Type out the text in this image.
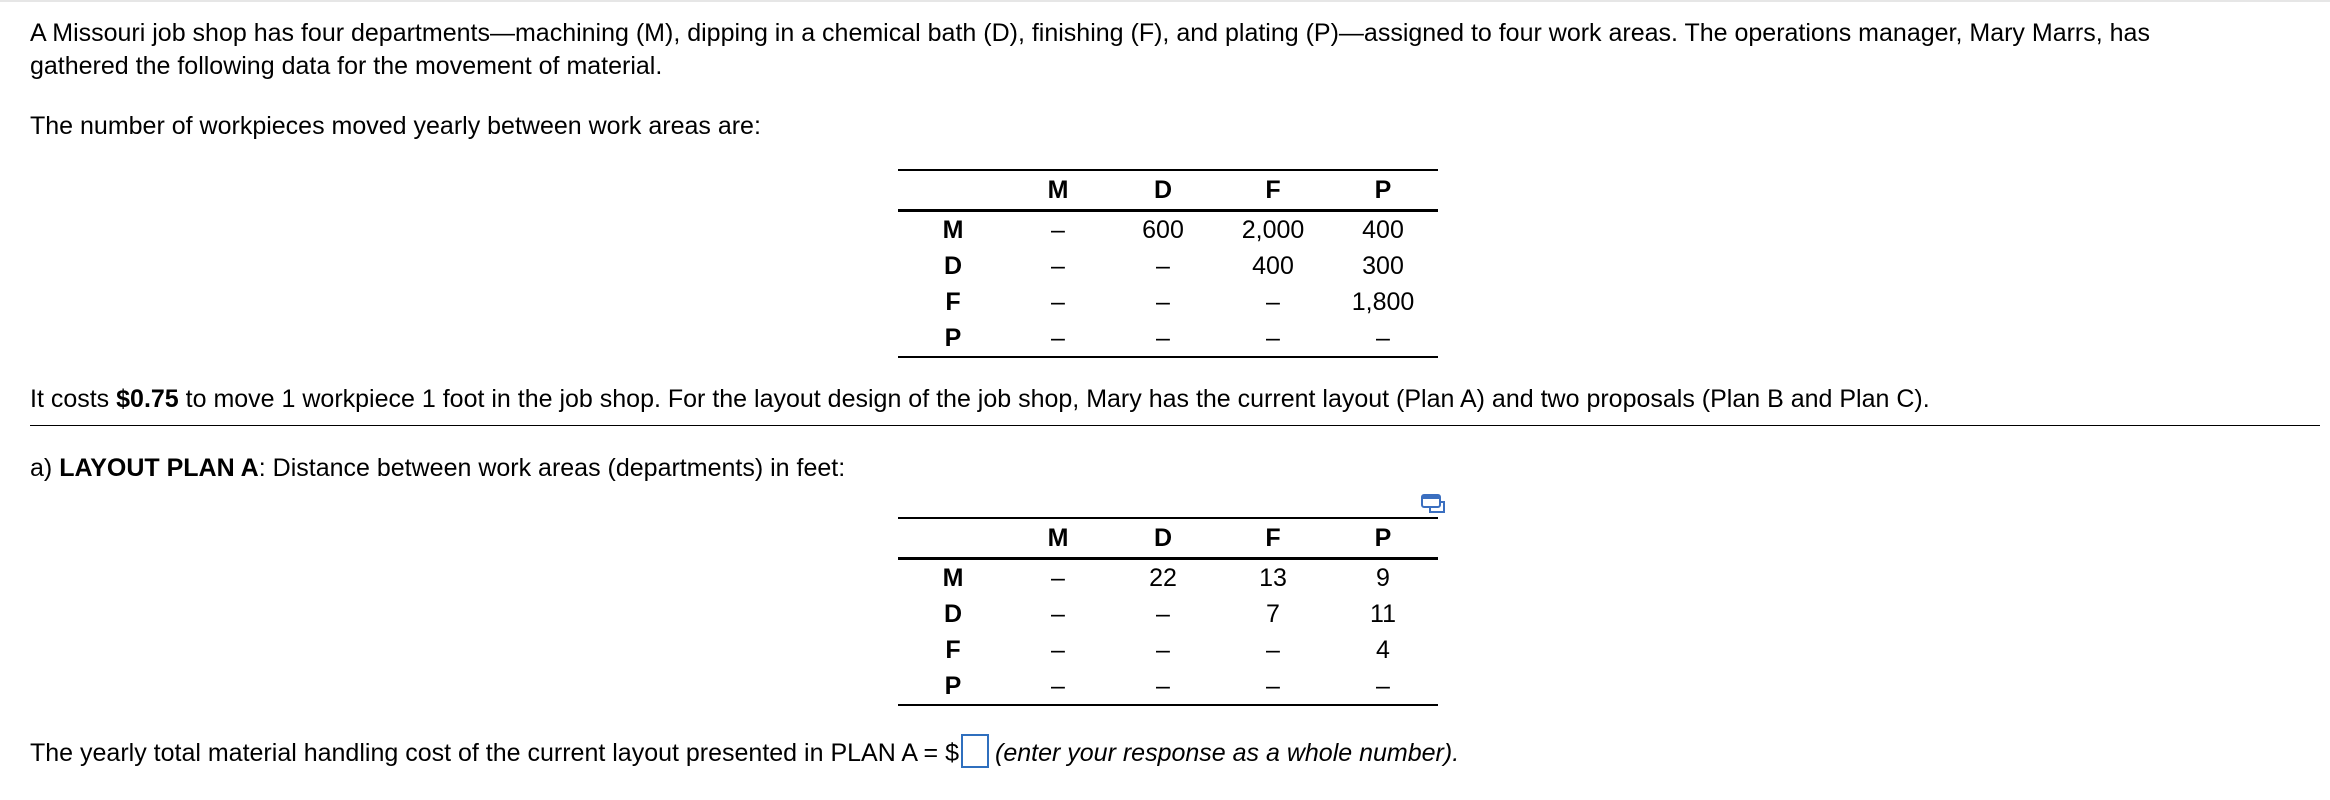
A Missouri job shop has four departments—machining (M), dipping in a chemical bath (D), finishing (F), and plating (P)—assigned to four work areas. The operations manager, Mary Marrs, has
gathered the following data for the movement of material.

The number of workpieces moved yearly between work areas are:

	M	D	F	P
M	–	600	2,000	400
D	–	–	400	300
F	–	–	–	1,800
P	–	–	–	–

It costs $0.75 to move 1 workpiece 1 foot in the job shop. For the layout design of the job shop, Mary has the current layout (Plan A) and two proposals (Plan B and Plan C).

a) LAYOUT PLAN A: Distance between work areas (departments) in feet:

	M	D	F	P
M	–	22	13	9
D	–	–	7	11
F	–	–	–	4
P	–	–	–	–

The yearly total material handling cost of the current layout presented in PLAN A = $ (enter your response as a whole number).
